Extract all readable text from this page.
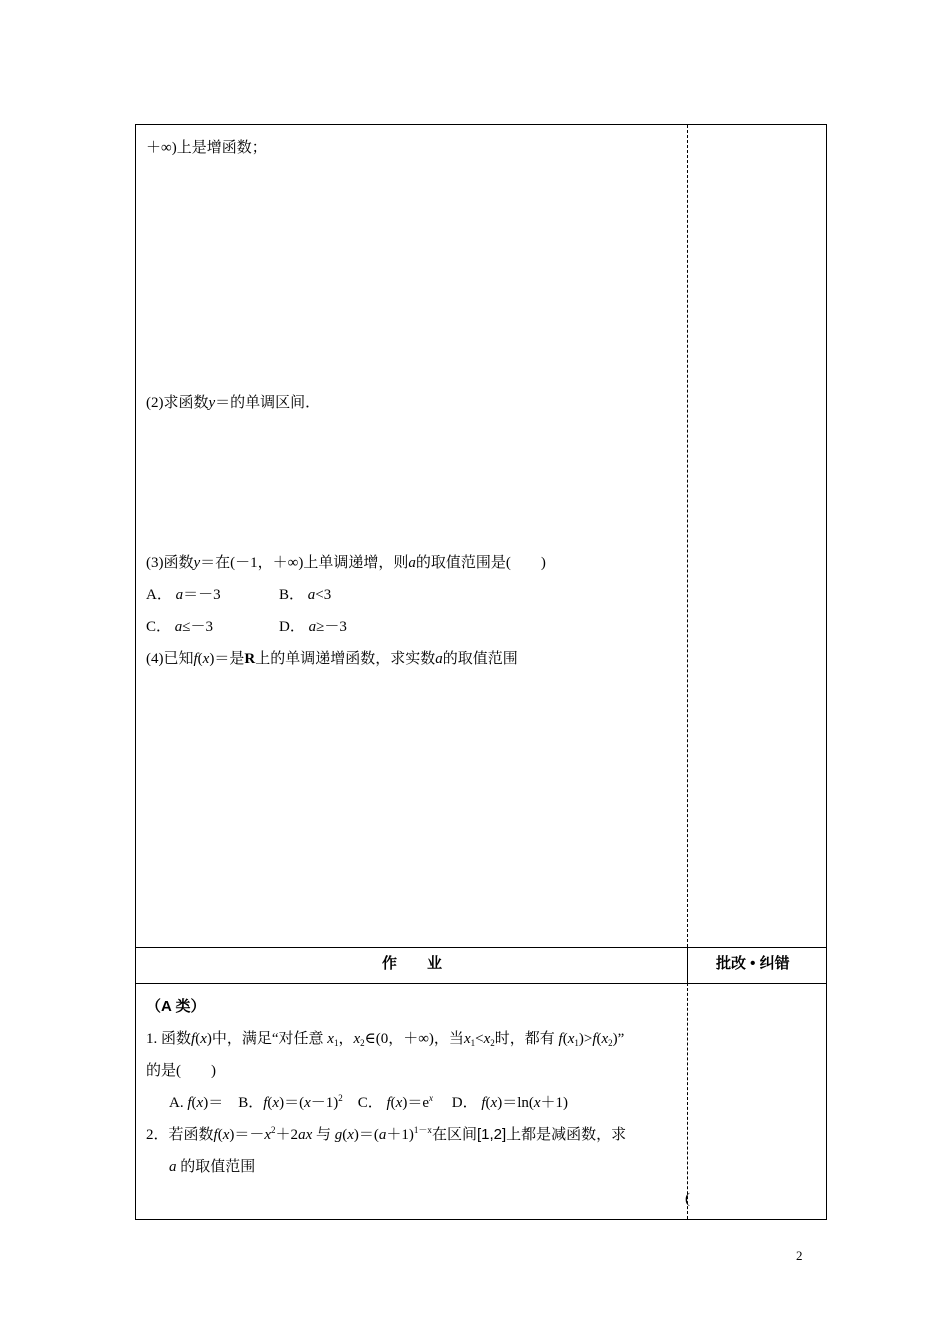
＋∞)上是增函数；
(2)求函数y＝的单调区间．
(3)函数y＝在(－1，＋∞)上单调递增，则a的取值范围是(　　)
A． a＝－3	B． a<3
C． a≤－3	D． a≥－3
(4)已知f(x)＝是R上的单调递增函数，求实数a的取值范围
作　　业	批改 • 纠错
（A 类）
1. 函数f(x)中，满足“对任意 $x_1$，$x_2\in(0$，＋∞)，当$x_1<x_2$时，都有 $f(x_1)>f(x_2)$”
的是(　　)
A. f(x)＝ B．$f(x)=(x-1)^2$ C． $f(x)=e^x$ D． f(x)＝ln(x＋1)
2．若函数$f(x)=-x^2+2ax$ 与 $g(x)=(a+1)^{1-x}$在区间[1,2]上都是减函数，求
a 的取值范围
(
2
